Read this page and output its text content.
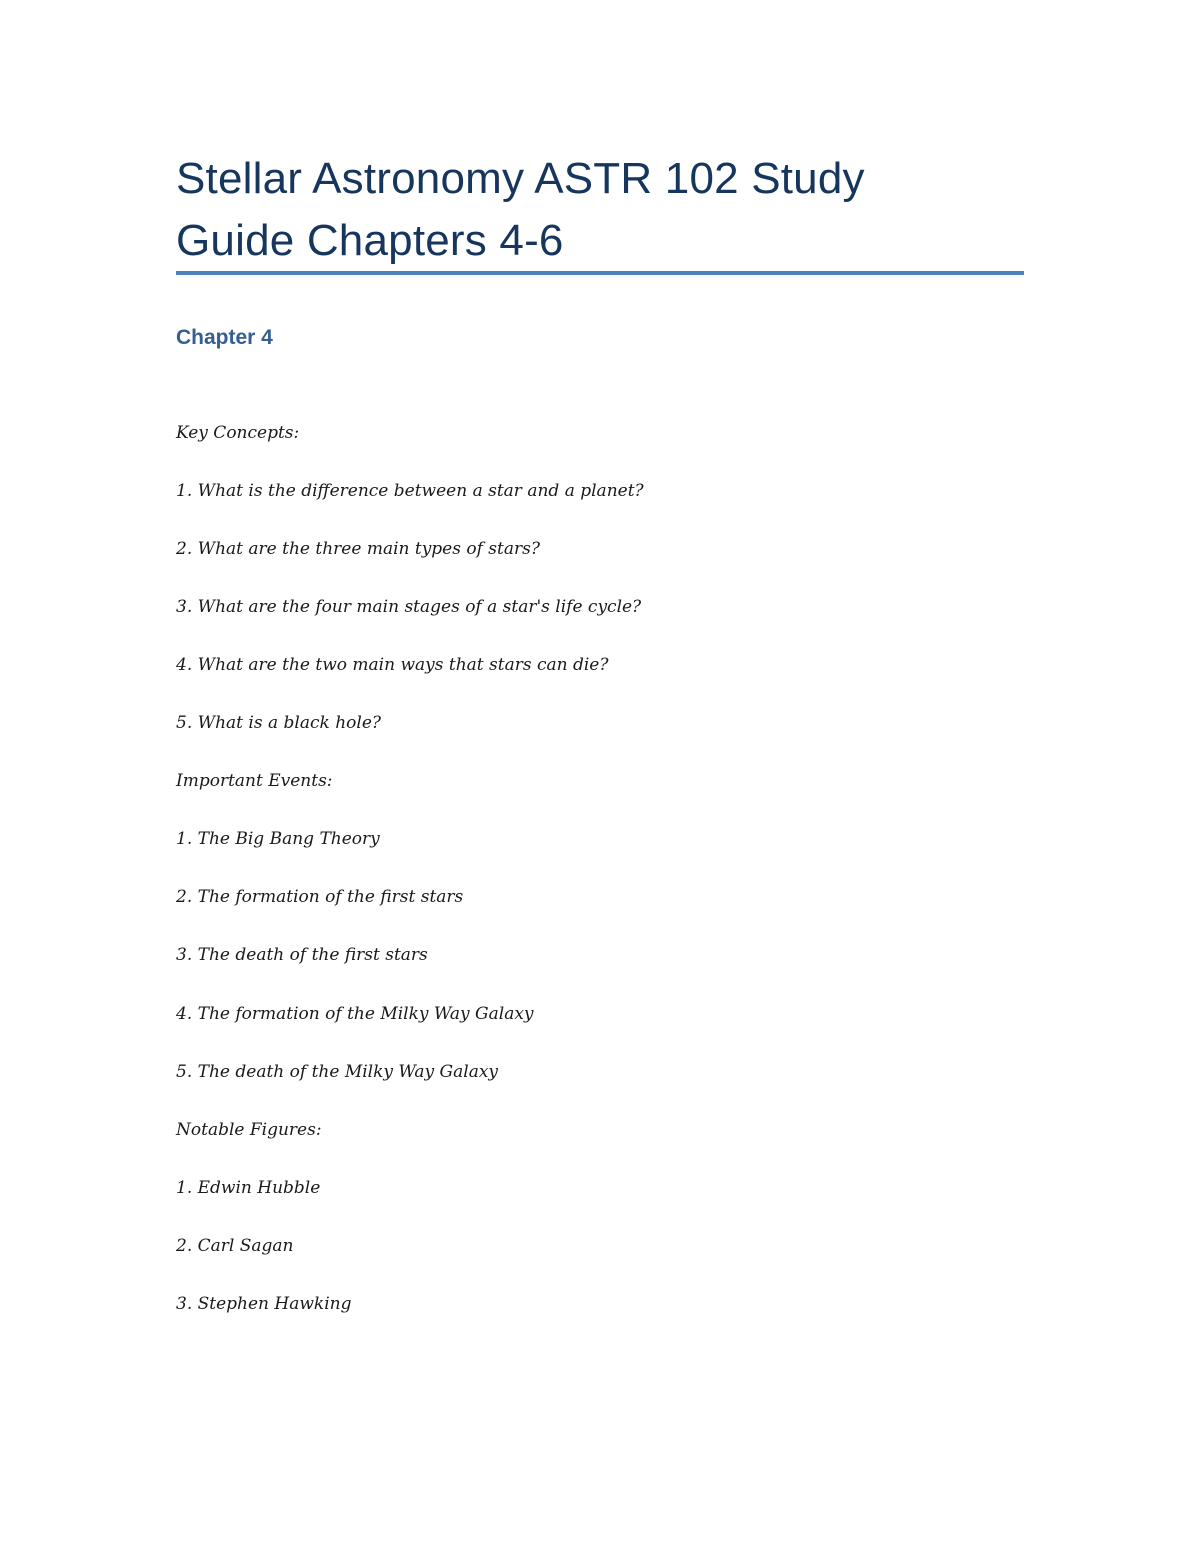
Stellar Astronomy ASTR 102 Study

Guide Chapters 4-6

Chapter 4

Key Concepts:

1. What is the difference between a star and a planet?

2. What are the three main types of stars?

3. What are the four main stages of a star's life cycle?

4. What are the two main ways that stars can die?

5. What is a black hole?

Important Events:

1. The Big Bang Theory

2. The formation of the first stars

3. The death of the first stars

4. The formation of the Milky Way Galaxy

5. The death of the Milky Way Galaxy

Notable Figures:

1. Edwin Hubble

2. Carl Sagan

3. Stephen Hawking
